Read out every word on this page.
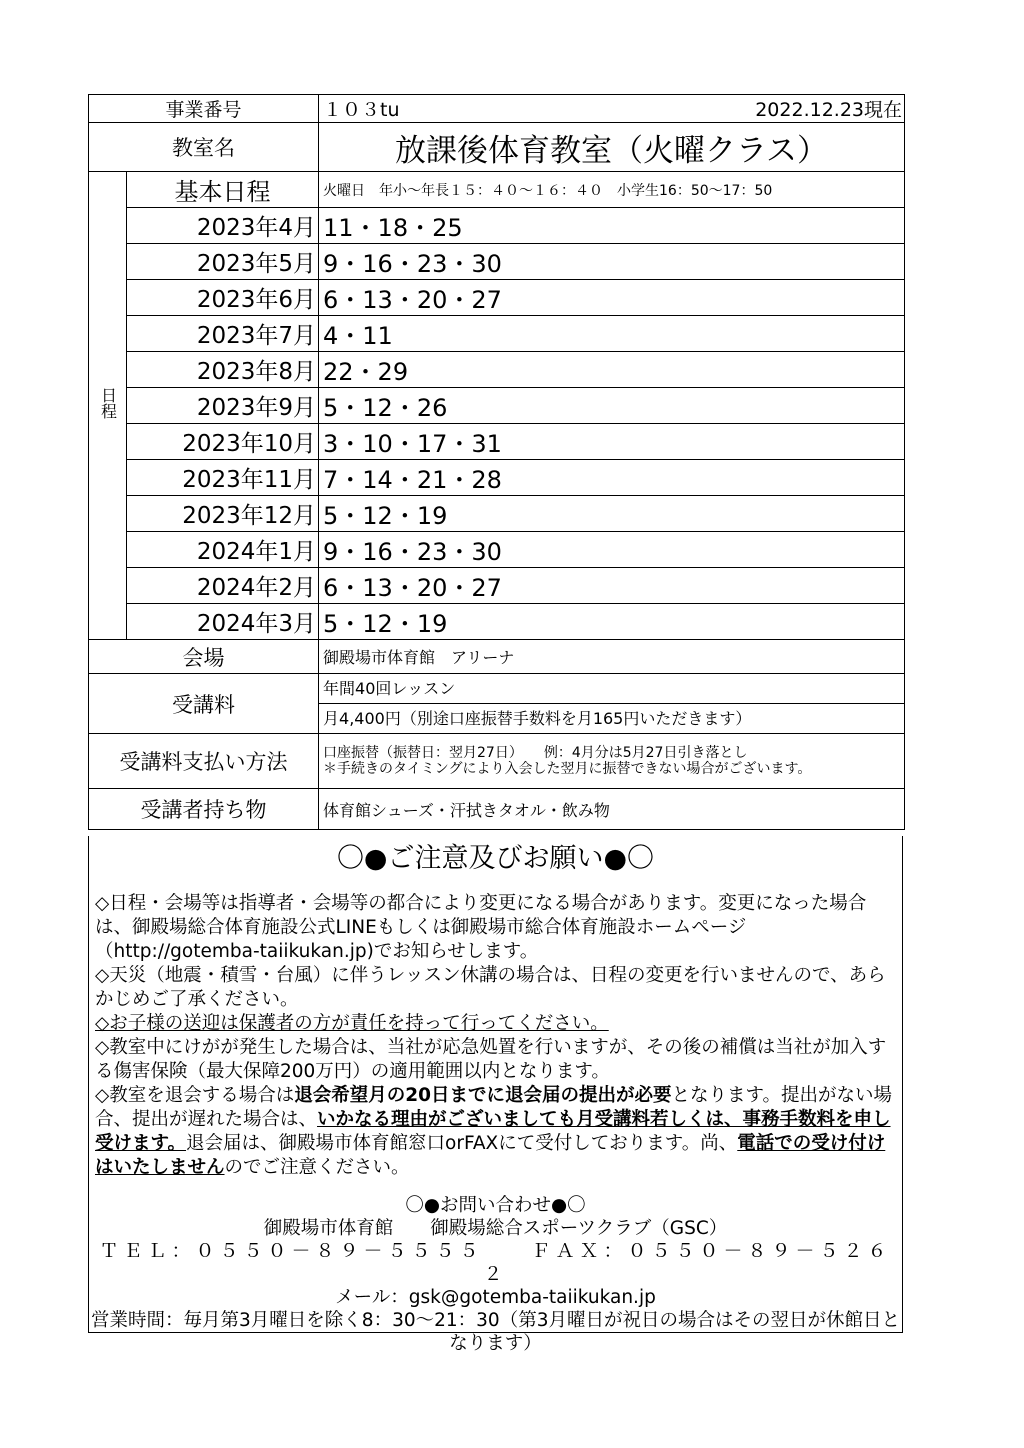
事業番号		１０３tu 2022.12.23現在

教室名		放課後体育教室（火曜クラス）
日程	基本日程	火曜日　年小～年長１５：４０～１６：４０　小学生16：50～17：50
	2023年4月	11・18・25
	2023年5月	9・16・23・30
	2023年6月	6・13・20・27
	2023年7月	4・11
	2023年8月	22・29
	2023年9月	5・12・26
	2023年10月	3・10・17・31
	2023年11月	7・14・21・28
	2023年12月	5・12・19
	2024年1月	9・16・23・30
	2024年2月	6・13・20・27
	2024年3月	5・12・19
会場		御殿場市体育館　アリーナ
受講料		年間40回レッスン
月4,400円（別途口座振替手数料を月165円いただきます）

受講料支払い方法		口座振替（振替日：翌月27日）　　例：4月分は5月27日引き落とし
＊手続きのタイミングにより入会した翌月に振替できない場合がございます。

受講者持ち物		体育館シューズ・汗拭きタオル・飲み物
〇●ご注意及びお願い●〇

◇日程・会場等は指導者・会場等の都合により変更になる場合があります。変更になった場合は、御殿場総合体育施設公式LINEもしくは御殿場市総合体育施設ホームページ（http://gotemba-taiikukan.jp)でお知らせします。

◇天災（地震・積雪・台風）に伴うレッスン休講の場合は、日程の変更を行いませんので、あらかじめご了承ください。

◇お子様の送迎は保護者の方が責任を持って行ってください。

◇教室中にけがが発生した場合は、当社が応急処置を行いますが、その後の補償は当社が加入する傷害保険（最大保障200万円）の適用範囲以内となります。

◇教室を退会する場合は退会希望月の20日までに退会届の提出が必要となります。提出がない場合、提出が遅れた場合は、いかなる理由がございましても月受講料若しくは、事務手数料を申し受けます。退会届は、御殿場市体育館窓口orFAXにて受付しております。尚、電話での受け付けはいたしませんのでご注意ください。

〇●お問い合わせ●〇
御殿場市体育館　　御殿場総合スポーツクラブ（GSC）
ＴＥＬ：０５５０－８９－５５５５　　ＦＡＸ：０５５０－８９－５２６２
メール：gsk@gotemba-taiikukan.jp
営業時間：毎月第3月曜日を除く8：30～21：30（第3月曜日が祝日の場合はその翌日が休館日となります）
